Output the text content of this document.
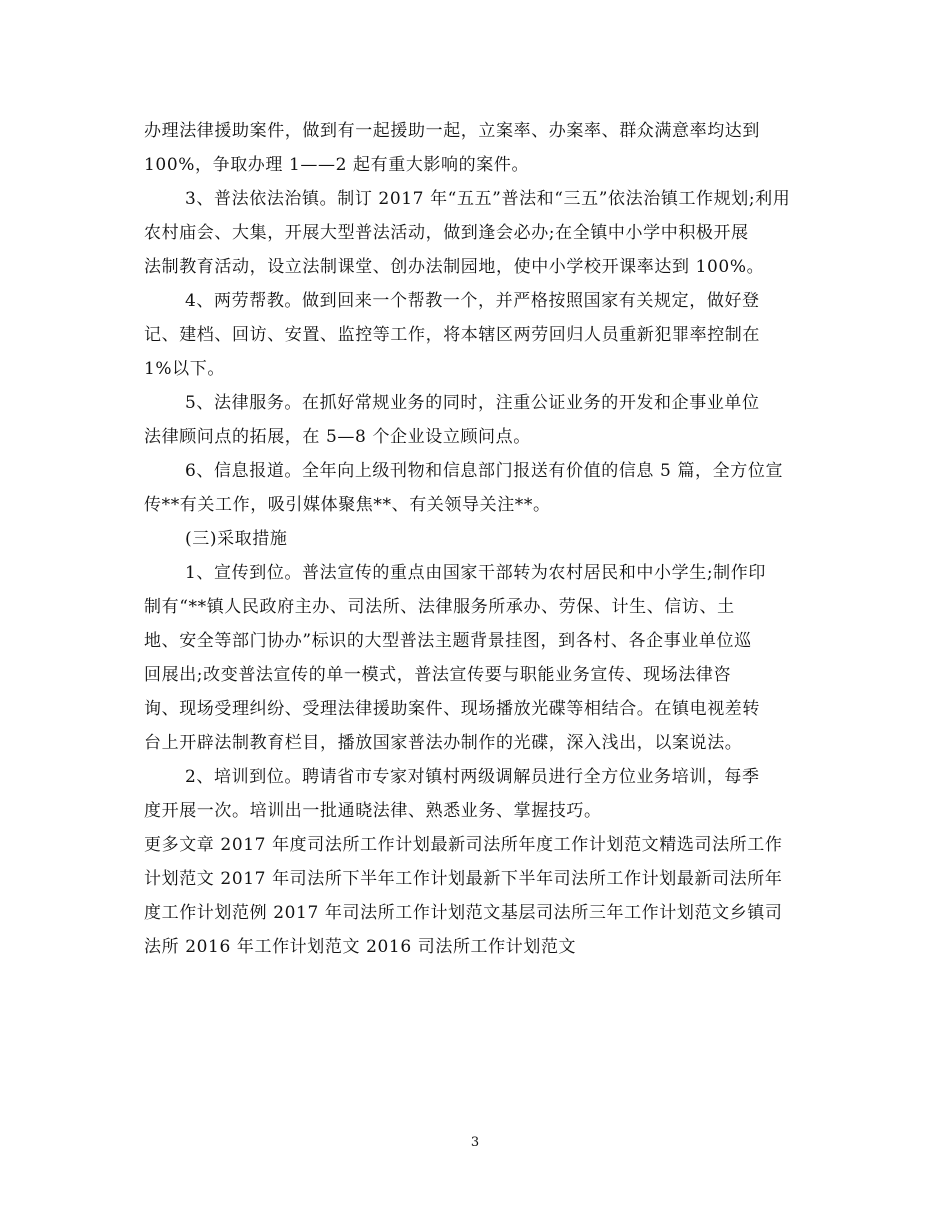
办理法律援助案件，做到有一起援助一起，立案率、办案率、群众满意率均达到
100%，争取办理 1——2 起有重大影响的案件。
3、普法依法治镇。制订 2017 年“五五”普法和“三五”依法治镇工作规划;利用
农村庙会、大集，开展大型普法活动，做到逢会必办;在全镇中小学中积极开展
法制教育活动，设立法制课堂、创办法制园地，使中小学校开课率达到 100%。
4、两劳帮教。做到回来一个帮教一个，并严格按照国家有关规定，做好登
记、建档、回访、安置、监控等工作，将本辖区两劳回归人员重新犯罪率控制在
1%以下。
5、法律服务。在抓好常规业务的同时，注重公证业务的开发和企事业单位
法律顾问点的拓展，在 5—8 个企业设立顾问点。
6、信息报道。全年向上级刊物和信息部门报送有价值的信息 5 篇，全方位宣
传**有关工作，吸引媒体聚焦**、有关领导关注**。
(三)采取措施
1、宣传到位。普法宣传的重点由国家干部转为农村居民和中小学生;制作印
制有“**镇人民政府主办、司法所、法律服务所承办、劳保、计生、信访、土
地、安全等部门协办”标识的大型普法主题背景挂图，到各村、各企事业单位巡
回展出;改变普法宣传的单一模式，普法宣传要与职能业务宣传、现场法律咨
询、现场受理纠纷、受理法律援助案件、现场播放光碟等相结合。在镇电视差转
台上开辟法制教育栏目，播放国家普法办制作的光碟，深入浅出，以案说法。
2、培训到位。聘请省市专家对镇村两级调解员进行全方位业务培训，每季
度开展一次。培训出一批通晓法律、熟悉业务、掌握技巧。
更多文章 2017 年度司法所工作计划最新司法所年度工作计划范文精选司法所工作
计划范文 2017 年司法所下半年工作计划最新下半年司法所工作计划最新司法所年
度工作计划范例 2017 年司法所工作计划范文基层司法所三年工作计划范文乡镇司
法所 2016 年工作计划范文 2016 司法所工作计划范文
3
